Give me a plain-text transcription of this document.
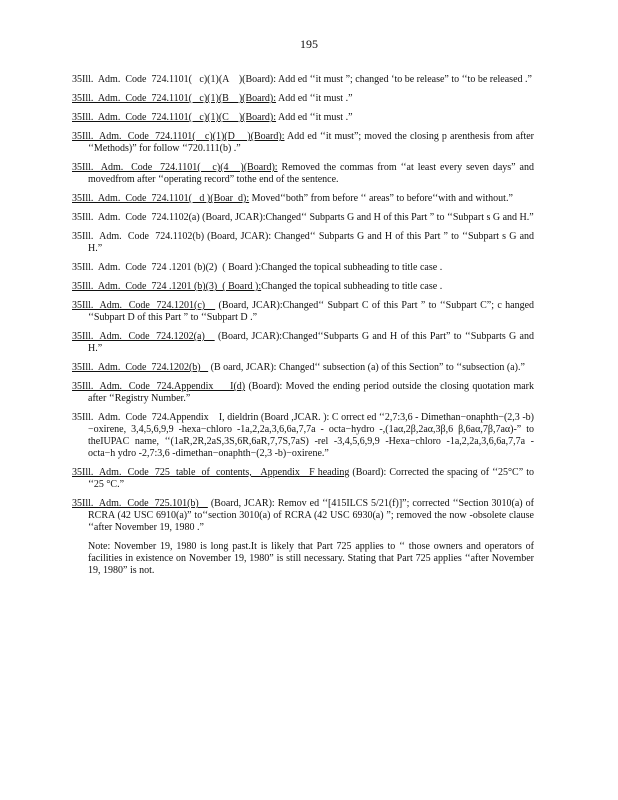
195

35Ill.  Adm.  Code  724.1101(   c)(1)(A    )(Board): Add ed ‘‘it must ”; changed ‘to be release” to ‘‘to be released .”

35Ill.  Adm.  Code  724.1101(   c)(1)(B    )(Board): Add ed ‘‘it must .”

35Ill.  Adm.  Code  724.1101(   c)(1)(C    )(Board): Add ed ‘‘it must .”

35Ill.  Adm.  Code  724.1101(   c)(1)(D    )(Board): Add ed ‘‘it must”; moved the closing p arenthesis from after ‘‘Methods)” for follow ‘‘720.111(b) .”

35Ill.  Adm.  Code  724.1101(   c)(4   )(Board): Removed the commas from ‘‘at least every seven days” and movedfrom after ‘‘operating record” tothe end of the sentence.

35Ill.  Adm.  Code  724.1101(   d )(Boar  d): Moved‘‘both” from before ‘‘ areas” to before‘‘with and without.”

35Ill.  Adm.  Code  724.1102(a) (Board, JCAR):Changed‘‘ Subparts G and H of this Part ” to ‘‘Subpart s G and H.”

35Ill.  Adm.  Code  724.1102(b) (Board, JCAR): Changed‘‘ Subparts G and H of this Part ” to ‘‘Subpart s G and H.”

35Ill.  Adm.  Code  724 .1201 (b)(2)  ( Board ):Changed the topical subheading to title case .

35Ill.  Adm.  Code  724 .1201 (b)(3)  ( Board ):Changed the topical subheading to title case .

35Ill.  Adm.  Code  724.1201(c)    (Board, JCAR):Changed‘‘ Subpart C of this Part ” to ‘‘Subpart C”; c hanged ‘‘Subpart D of this Part ” to ‘‘Subpart D .”

35Ill.  Adm.  Code  724.1202(a)    (Board, JCAR):Changed‘‘Subparts G and H of this Part” to ‘‘Subparts G and H.”

35Ill.  Adm.  Code  724.1202(b)    (B oard, JCAR): Changed‘‘ subsection (a) of this Section” to ‘‘subsection (a).”

35Ill.  Adm.  Code  724.Appendix     I(d) (Board): Moved the ending period outside the closing quotation mark after ‘‘Registry Number.”

35Ill.  Adm.  Code  724.Appendix    I, dieldrin (Board ,JCAR. ): C orrect ed ‘‘2,7:3,6 - Dimethan−onaphth−(2,3 -b)−oxirene, 3,4,5,6,9,9 -hexa−chloro -1a,2,2a,3,6,6a,7,7a - octa−hydro -,(1aα,2β,2aα,3β,6 β,6aα,7β,7aα)-” to theIUPAC name, ‘‘(1aR,2R,2aS,3S,6R,6aR,7,7S,7aS) -rel -3,4,5,6,9,9 -Hexa−chloro -1a,2,2a,3,6,6a,7,7a - octa−h ydro -2,7:3,6 -dimethan−onaphth−(2,3 -b)−oxirene.”

35Ill.  Adm.  Code  725  table  of  contents,   Appendix   F heading (Board): Corrected the spacing of ‘‘25°C” to ‘‘25 °C.”

35Ill.  Adm.  Code  725.101(b)    (Board, JCAR): Remov ed ‘‘[415ILCS 5/21(f)]”; corrected ‘‘Section 3010(a) of RCRA (42 USC 6910(a)” to‘‘section 3010(a) of RCRA (42 USC 6930(a) ”; removed the now -obsolete clause ‘‘after November 19, 1980 .”

Note: November 19, 1980 is long past.It is likely that Part 725 applies to ‘‘ those owners and operators of facilities in existence on November 19, 1980” is still necessary. Stating that Part 725 applies ‘‘after November 19, 1980” is not.
